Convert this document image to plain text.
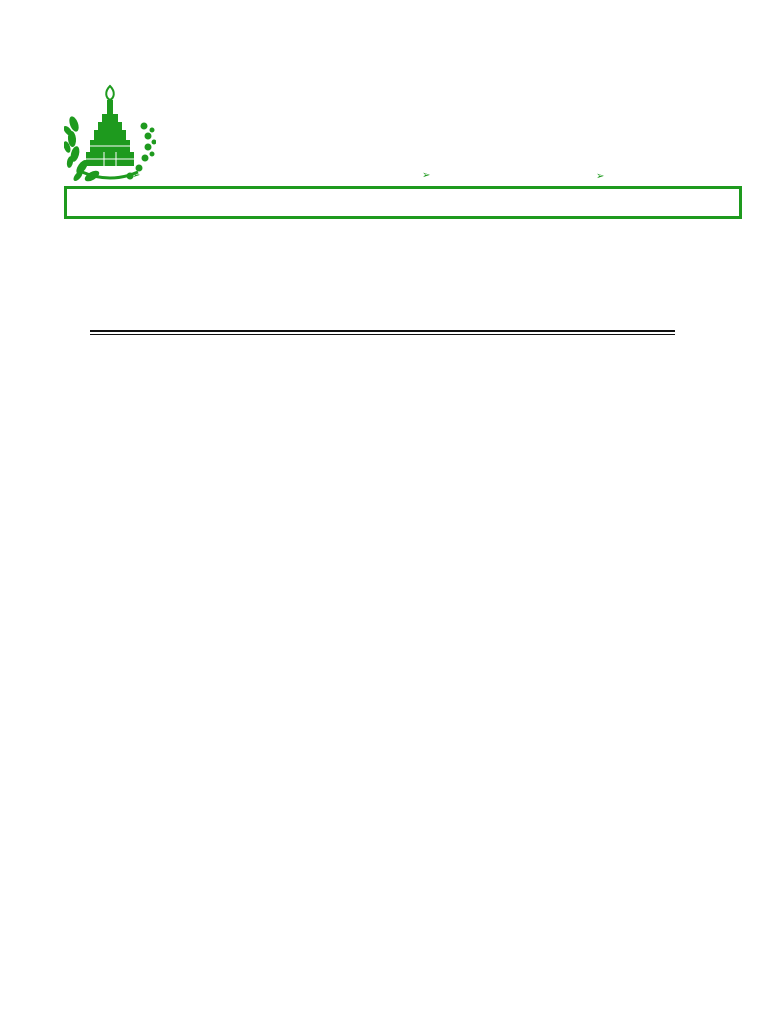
➢	➢	➢
